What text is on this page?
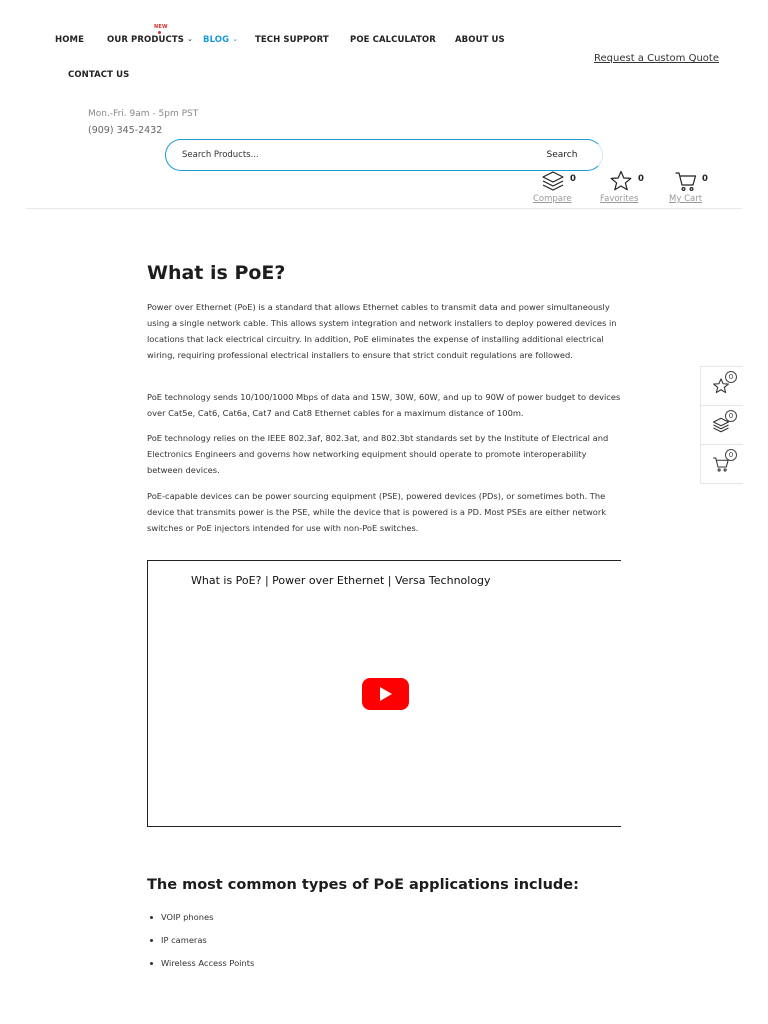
HOME	OUR PRODUCTS ⌄
NEW
BLOG ⌄ TECH SUPPORT POE CALCULATOR ABOUT US
CONTACT US
Request a Custom Quote
Mon.-Fri. 9am - 5pm PST
(909) 345-2432
Search Products...
Search
0
Compare
0
Favorites
0
My Cart
What is PoE?

Power over Ethernet (PoE) is a standard that allows Ethernet cables to transmit data and power simultaneously using a single network cable. This allows system integration and network installers to deploy powered devices in locations that lack electrical circuitry. In addition, PoE eliminates the expense of installing additional electrical wiring, requiring professional electrical installers to ensure that strict conduit regulations are followed.

PoE technology sends 10/100/1000 Mbps of data and 15W, 30W, 60W, and up to 90W of power budget to devices over Cat5e, Cat6, Cat6a, Cat7 and Cat8 Ethernet cables for a maximum distance of 100m.

PoE technology relies on the IEEE 802.3af, 802.3at, and 802.3bt standards set by the Institute of Electrical and Electronics Engineers and governs how networking equipment should operate to promote interoperability between devices.

PoE-capable devices can be power sourcing equipment (PSE), powered devices (PDs), or sometimes both. The device that transmits power is the PSE, while the device that is powered is a PD. Most PSEs are either network switches or PoE injectors intended for use with non-PoE switches.

What is PoE? | Power over Ethernet | Versa Technology
The most common types of PoE applications include:
VOIP phones
IP cameras
Wireless Access Points
0
0
0
